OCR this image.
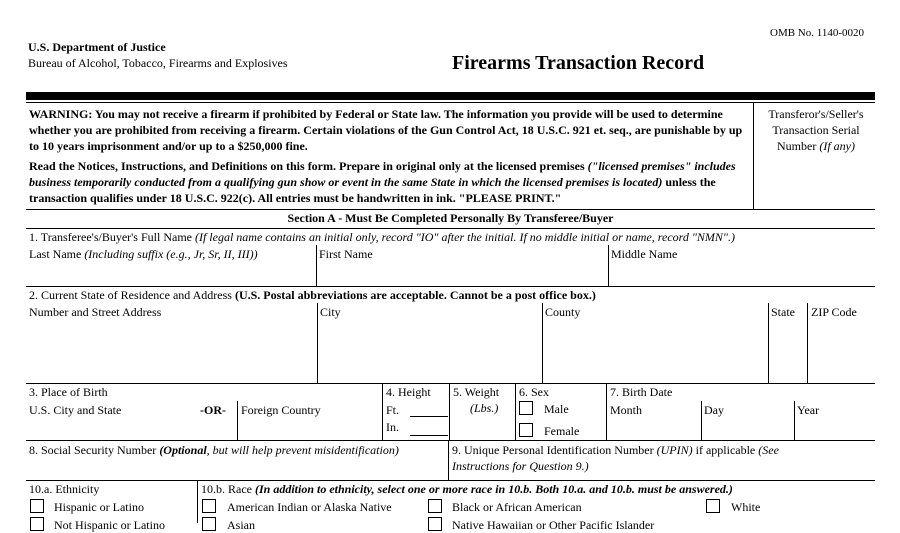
OMB No. 1140-0020
U.S. Department of Justice
Bureau of Alcohol, Tobacco, Firearms and Explosives	Firearms Transaction Record
WARNING: You may not receive a firearm if prohibited by Federal or State law. The information you provide will be used to determine whether you are prohibited from receiving a firearm. Certain violations of the Gun Control Act, 18 U.S.C. 921 et. seq., are punishable by up to 10 years imprisonment and/or up to a $250,000 fine.
Read the Notices, Instructions, and Definitions on this form. Prepare in original only at the licensed premises ("licensed premises" includes business temporarily conducted from a qualifying gun show or event in the same State in which the licensed premises is located) unless the transaction qualifies under 18 U.S.C. 922(c). All entries must be handwritten in ink. "PLEASE PRINT."
Transferor's/Seller's
Transaction Serial
Number (If any)
Section A - Must Be Completed Personally By Transferee/Buyer
1. Transferee's/Buyer's Full Name (If legal name contains an initial only, record "IO" after the initial. If no middle initial or name, record "NMN".)
Last Name (Including suffix (e.g., Jr, Sr, II, III))	First Name	Middle Name
2. Current State of Residence and Address (U.S. Postal abbreviations are acceptable. Cannot be a post office box.)
Number and Street Address	City	County	State ZIP Code
3. Place of Birth
U.S. City and State	-OR- Foreign Country
4. Height
Ft.
In.
5. Weight
(Lbs.)
6. Sex
Male
Female
7. Birth Date
Month	Day	Year
8. Social Security Number (Optional, but will help prevent misidentification)	9. Unique Personal Identification Number (UPIN) if applicable (See
Instructions for Question 9.)
10.a. Ethnicity
Hispanic or Latino
Not Hispanic or Latino
10.b. Race (In addition to ethnicity, select one or more race in 10.b. Both 10.a. and 10.b. must be answered.)
American Indian or Alaska Native	Black or African American	White
Asian	Native Hawaiian or Other Pacific Islander
